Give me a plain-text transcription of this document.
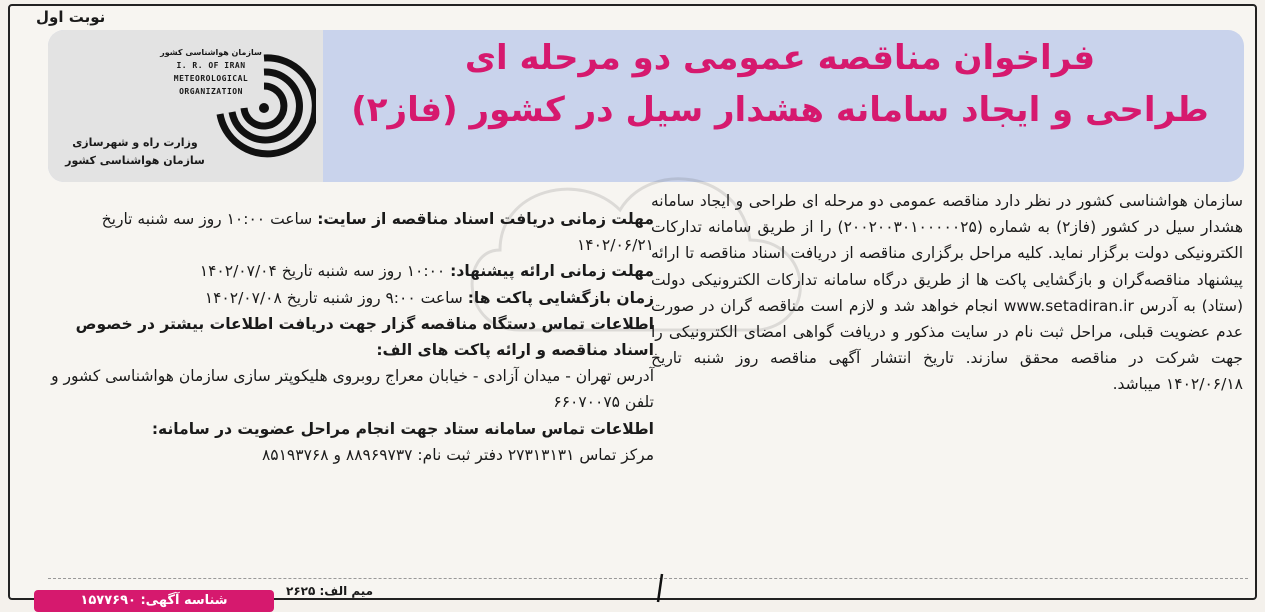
نوبت اول
سازمان هواشناسی کشور
I. R. OF IRAN
METEOROLOGICAL
ORGANIZATION
وزارت راه و شهرسازی
سازمان هواشناسی کشور
فراخوان مناقصه عمومی دو مرحله ای
طراحی و ایجاد سامانه هشدار سیل در کشور (فاز۲)

سازمان هواشناسی کشور در نظر دارد مناقصه عمومی دو مرحله ای طراحی و ایجاد سامانه هشدار سیل در کشور (فاز۲) به شماره (۲۰۰۲۰۰۳۰۱۰۰۰۰۰۲۵) را از طریق سامانه تدارکات الکترونیکی دولت برگزار نماید. کلیه مراحل برگزاری مناقصه از دریافت اسناد مناقصه تا ارائه پیشنهاد مناقصه‌گران و بازگشایی پاکت ها از طریق درگاه سامانه تدارکات الکترونیکی دولت (ستاد) به آدرس www.setadiran.ir انجام خواهد شد و لازم است مناقصه گران در صورت عدم عضویت قبلی، مراحل ثبت نام در سایت مذکور و دریافت گواهی امضای الکترونیکی را جهت شرکت در مناقصه محقق سازند. تاریخ انتشار آگهی مناقصه روز شنبه تاریخ ۱۴۰۲/۰۶/۱۸ میباشد.

مهلت زمانی دریافت اسناد مناقصه از سایت: ساعت ۱۰:۰۰ روز سه شنبه تاریخ ۱۴۰۲/۰۶/۲۱

مهلت زمانی ارائه پیشنهاد: ۱۰:۰۰ روز سه شنبه تاریخ ۱۴۰۲/۰۷/۰۴

زمان بازگشایی پاکت ها: ساعت ۹:۰۰ روز شنبه تاریخ ۱۴۰۲/۰۷/۰۸

اطلاعات تماس دستگاه مناقصه گزار جهت دریافت اطلاعات بیشتر در خصوص اسناد مناقصه و ارائه پاکت های الف:

آدرس تهران - میدان آزادی - خیابان معراج روبروی هلیکوپتر سازی سازمان هواشناسی کشور و تلفن ۶۶۰۷۰۰۷۵

اطلاعات تماس سامانه ستاد جهت انجام مراحل عضویت در سامانه:

مرکز تماس ۲۷۳۱۳۱۳۱ دفتر ثبت نام: ۸۸۹۶۹۷۳۷ و ۸۵۱۹۳۷۶۸

میم الف: ۲۶۲۵
شناسه آگهی: ۱۵۷۷۶۹۰
